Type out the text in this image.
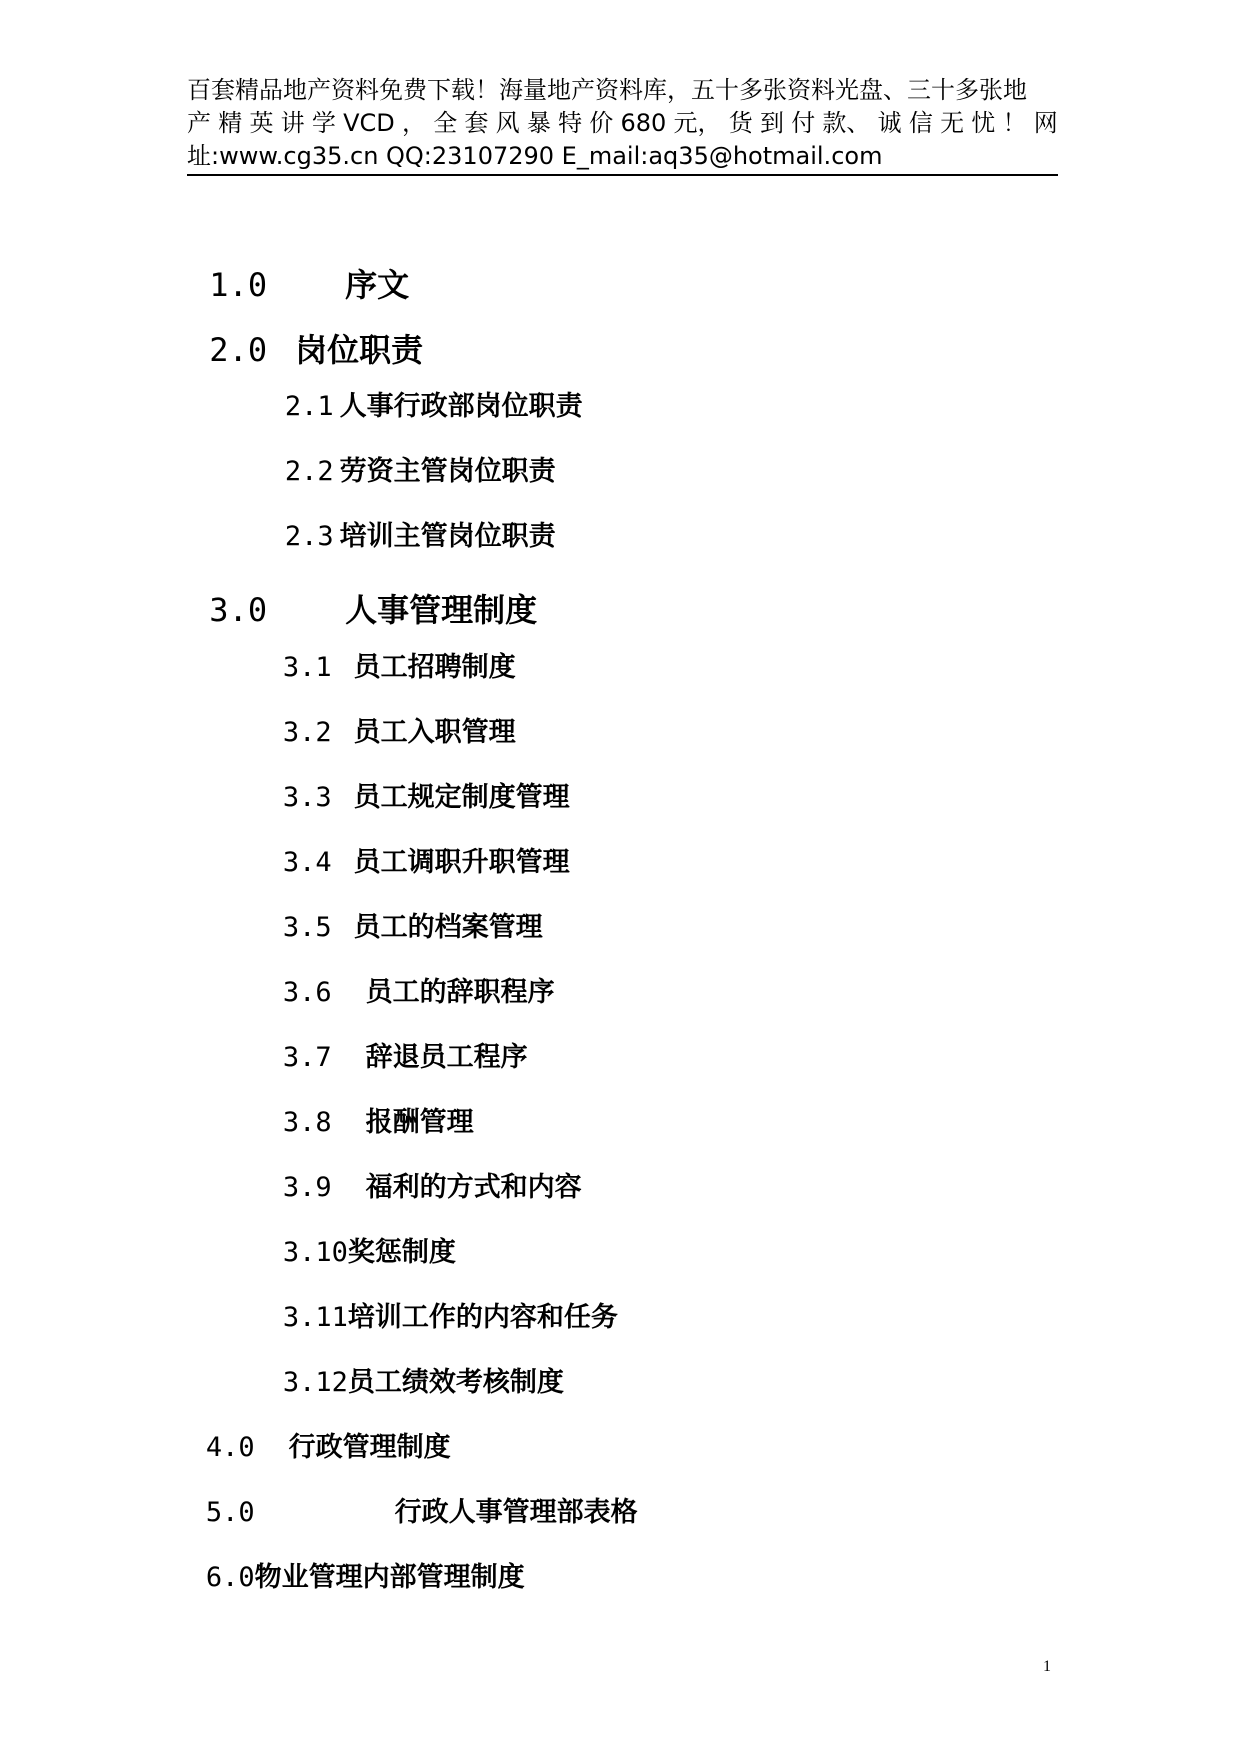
百套精品地产资料免费下载！海量地产资料库，五十多张资料光盘、三十多张地
产 精 英 讲 学 VCD ， 全 套 风 暴 特 价 680 元， 货 到 付 款、 诚 信 无 忧 ！ 网
址:www.cg35.cn QQ:23107290 E_mail:aq35@hotmail.com

1.0 序文

2.0 岗位职责

2.1 人事行政部岗位职责

2.2 劳资主管岗位职责

2.3 培训主管岗位职责

3.0 人事管理制度

3.1 员工招聘制度

3.2 员工入职管理

3.3 员工规定制度管理

3.4 员工调职升职管理

3.5 员工的档案管理

3.6 员工的辞职程序

3.7 辞退员工程序

3.8 报酬管理

3.9 福利的方式和内容

3.10奖惩制度

3.11培训工作的内容和任务

3.12员工绩效考核制度

4.0 行政管理制度

5.0	行政人事管理部表格

6.0物业管理内部管理制度

1
